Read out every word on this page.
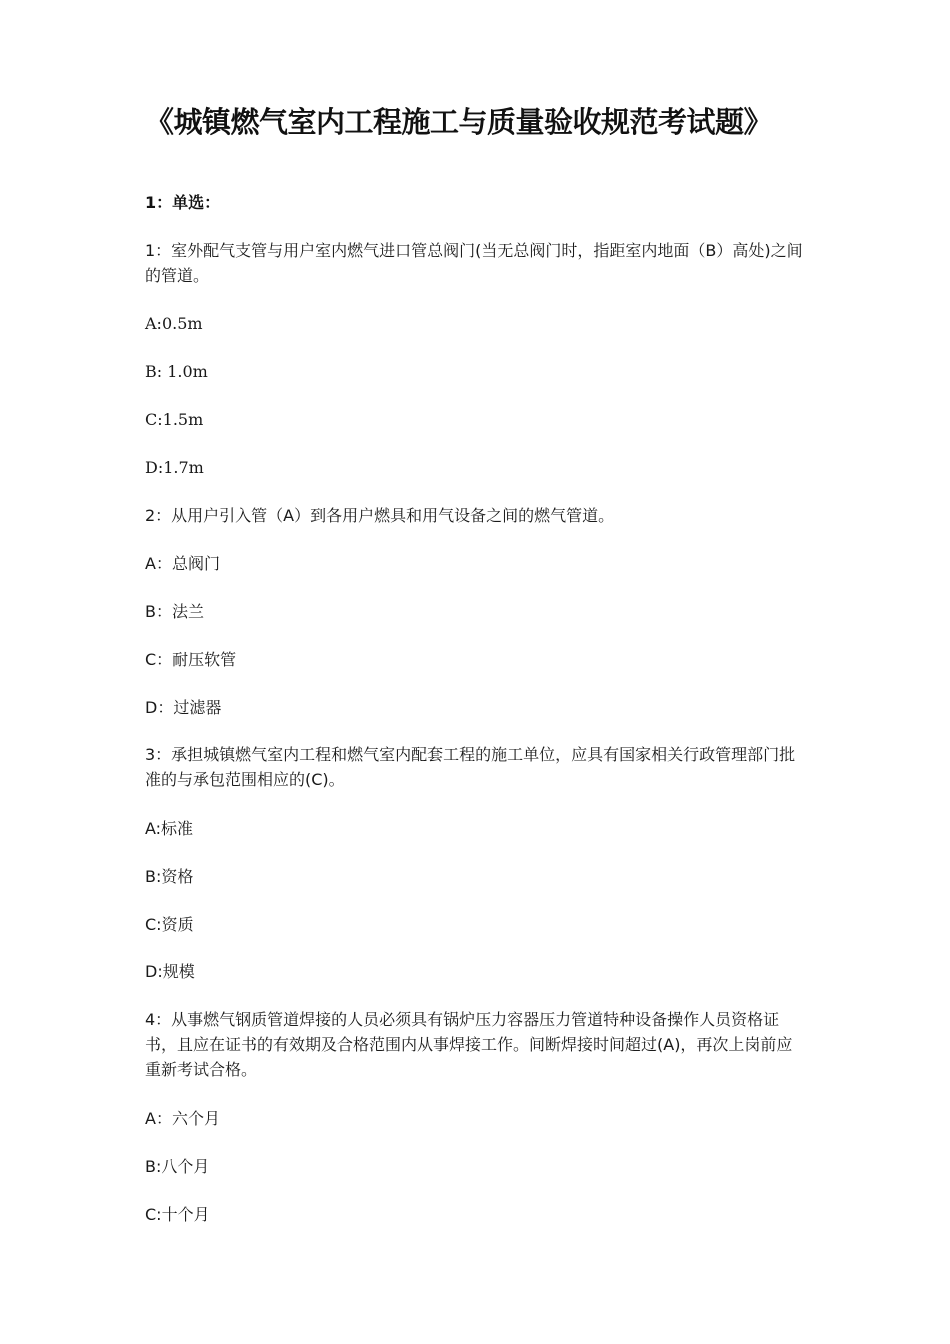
《城镇燃气室内工程施工与质量验收规范考试题》

1：单选：

1：室外配气支管与用户室内燃气进口管总阀门(当无总阀门时，指距室内地面（B）高处)之间的管道。

A:0.5m

B: 1.0m

C:1.5m

D:1.7m

2：从用户引入管（A）到各用户燃具和用气设备之间的燃气管道。

A：总阀门

B：法兰

C：耐压软管

D：过滤器

3：承担城镇燃气室内工程和燃气室内配套工程的施工单位，应具有国家相关行政管理部门批准的与承包范围相应的(C)。

A:标准

B:资格

C:资质

D:规模

4：从事燃气钢质管道焊接的人员必须具有锅炉压力容器压力管道特种设备操作人员资格证书，且应在证书的有效期及合格范围内从事焊接工作。间断焊接时间超过(A)，再次上岗前应重新考试合格。

A：六个月

B:八个月

C:十个月
